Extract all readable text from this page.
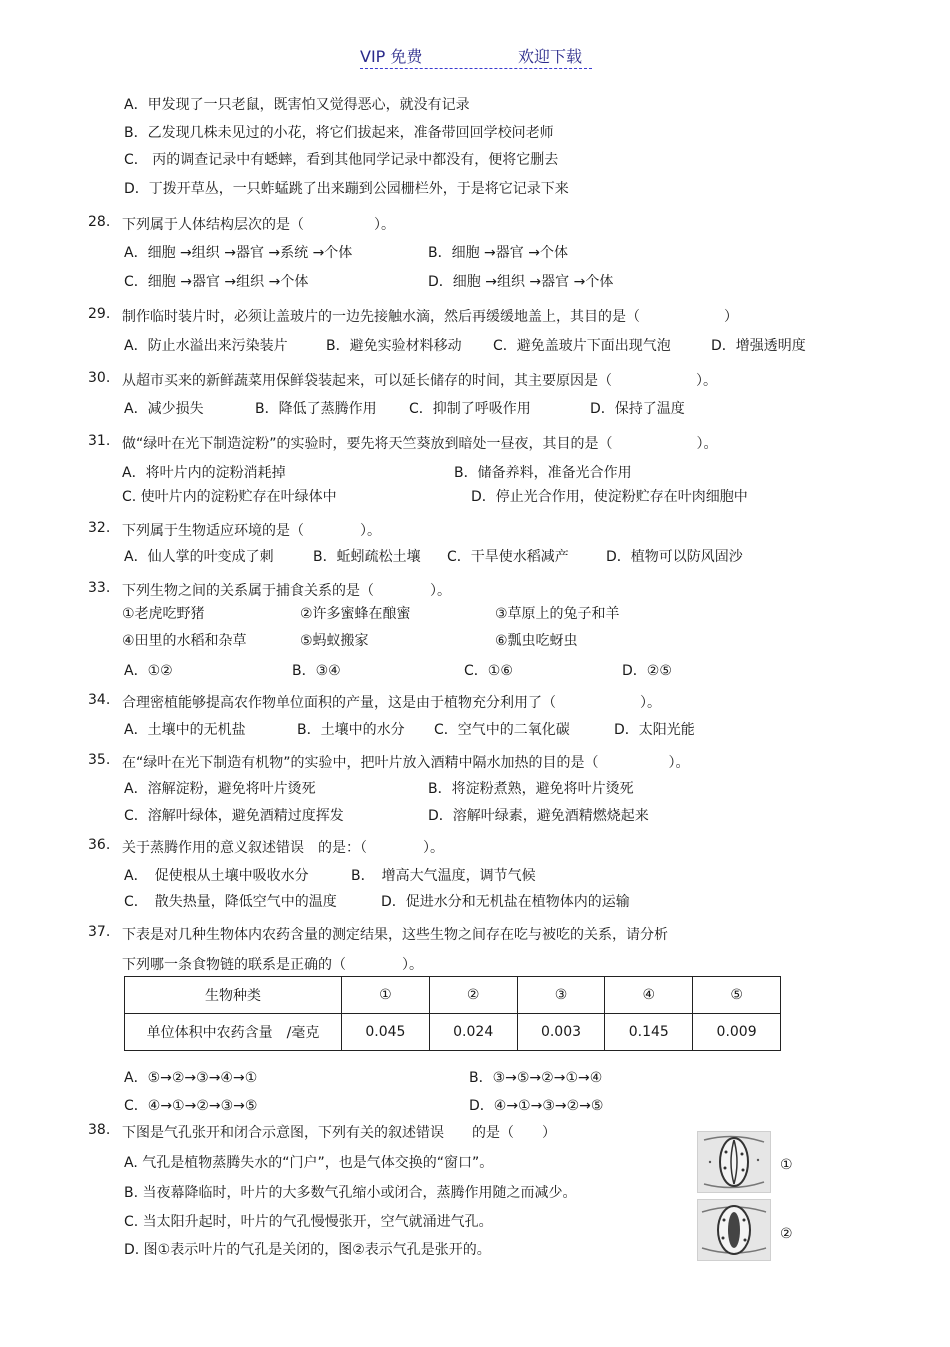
VIP 免费	欢迎下载
A．甲发现了一只老鼠，既害怕又觉得恶心，就没有记录
B．乙发现几株未见过的小花，将它们拔起来，准备带回回学校问老师
C． 丙的调查记录中有蟋蟀，看到其他同学记录中都没有，便将它删去
D．丁拨开草丛，一只蚱蜢跳了出来蹦到公园栅栏外，于是将它记录下来
28. 下列属于人体结构层次的是（　　　　　）。
A．细胞 →组织 →器官 →系统 →个体	B．细胞 →器官 →个体
C．细胞 →器官 →组织 →个体	D．细胞 →组织 →器官 →个体
29. 制作临时装片时，必须让盖玻片的一边先接触水滴，然后再缓缓地盖上，其目的是（　　　　　　）
A．防止水溢出来污染装片	B．避免实验材料移动 C．避免盖玻片下面出现气泡	D．增强透明度
30. 从超市买来的新鲜蔬菜用保鲜袋装起来，可以延长储存的时间，其主要原因是（　　　　　　）。
A．减少损失	B．降低了蒸腾作用 C．抑制了呼吸作用	D．保持了温度
31. 做“绿叶在光下制造淀粉”的实验时，要先将天竺葵放到暗处一昼夜，其目的是（　　　　　　）。
A．将叶片内的淀粉消耗掉	B．储备养料，准备光合作用
C. 使叶片内的淀粉贮存在叶绿体中	D．停止光合作用，使淀粉贮存在叶肉细胞中
32. 下列属于生物适应环境的是（　　　　）。
A．仙人掌的叶变成了刺	B．蚯蚓疏松土壤 C．干旱使水稻减产	D．植物可以防风固沙
33. 下列生物之间的关系属于捕食关系的是（　　　　）。
①老虎吃野猪	②许多蜜蜂在酿蜜	③草原上的兔子和羊
④田里的水稻和杂草	⑤蚂蚁搬家	⑥瓢虫吃蚜虫
A．①②	B．③④	C．①⑥	D．②⑤
34. 合理密植能够提高农作物单位面积的产量，这是由于植物充分利用了（　　　　　　）。
A．土壤中的无机盐	B．土壤中的水分 C．空气中的二氧化碳	D．太阳光能
35. 在“绿叶在光下制造有机物”的实验中，把叶片放入酒精中隔水加热的目的是（　　　　　）。
A．溶解淀粉，避免将叶片烫死	B．将淀粉煮熟，避免将叶片烫死
C．溶解叶绿体，避免酒精过度挥发	D．溶解叶绿素，避免酒精燃烧起来
36. 关于蒸腾作用的意义叙述错误　的是：（　　　　）。
A．　促使根从土壤中吸收水分	B．　增高大气温度，调节气候
C．　散失热量，降低空气中的温度	D．促进水分和无机盐在植物体内的运输
37. 下表是对几种生物体内农药含量的测定结果，这些生物之间存在吃与被吃的关系，请分析
下列哪一条食物链的联系是正确的（　　　　）。
生物种类	①	②	③	④	⑤
单位体积中农药含量　/毫克	0.045	0.024	0.003	0.145	0.009
A．⑤→②→③→④→①	B．③→⑤→②→①→④
C．④→①→②→③→⑤	D．④→①→③→②→⑤
38. 下图是气孔张开和闭合示意图，下列有关的叙述错误　　的是（　　）
A. 气孔是植物蒸腾失水的“门户”，也是气体交换的“窗口”。
B. 当夜幕降临时，叶片的大多数气孔缩小或闭合，蒸腾作用随之而减少。
C. 当太阳升起时，叶片的气孔慢慢张开，空气就涌进气孔。
D. 图①表示叶片的气孔是关闭的，图②表示气孔是张开的。
①
②
